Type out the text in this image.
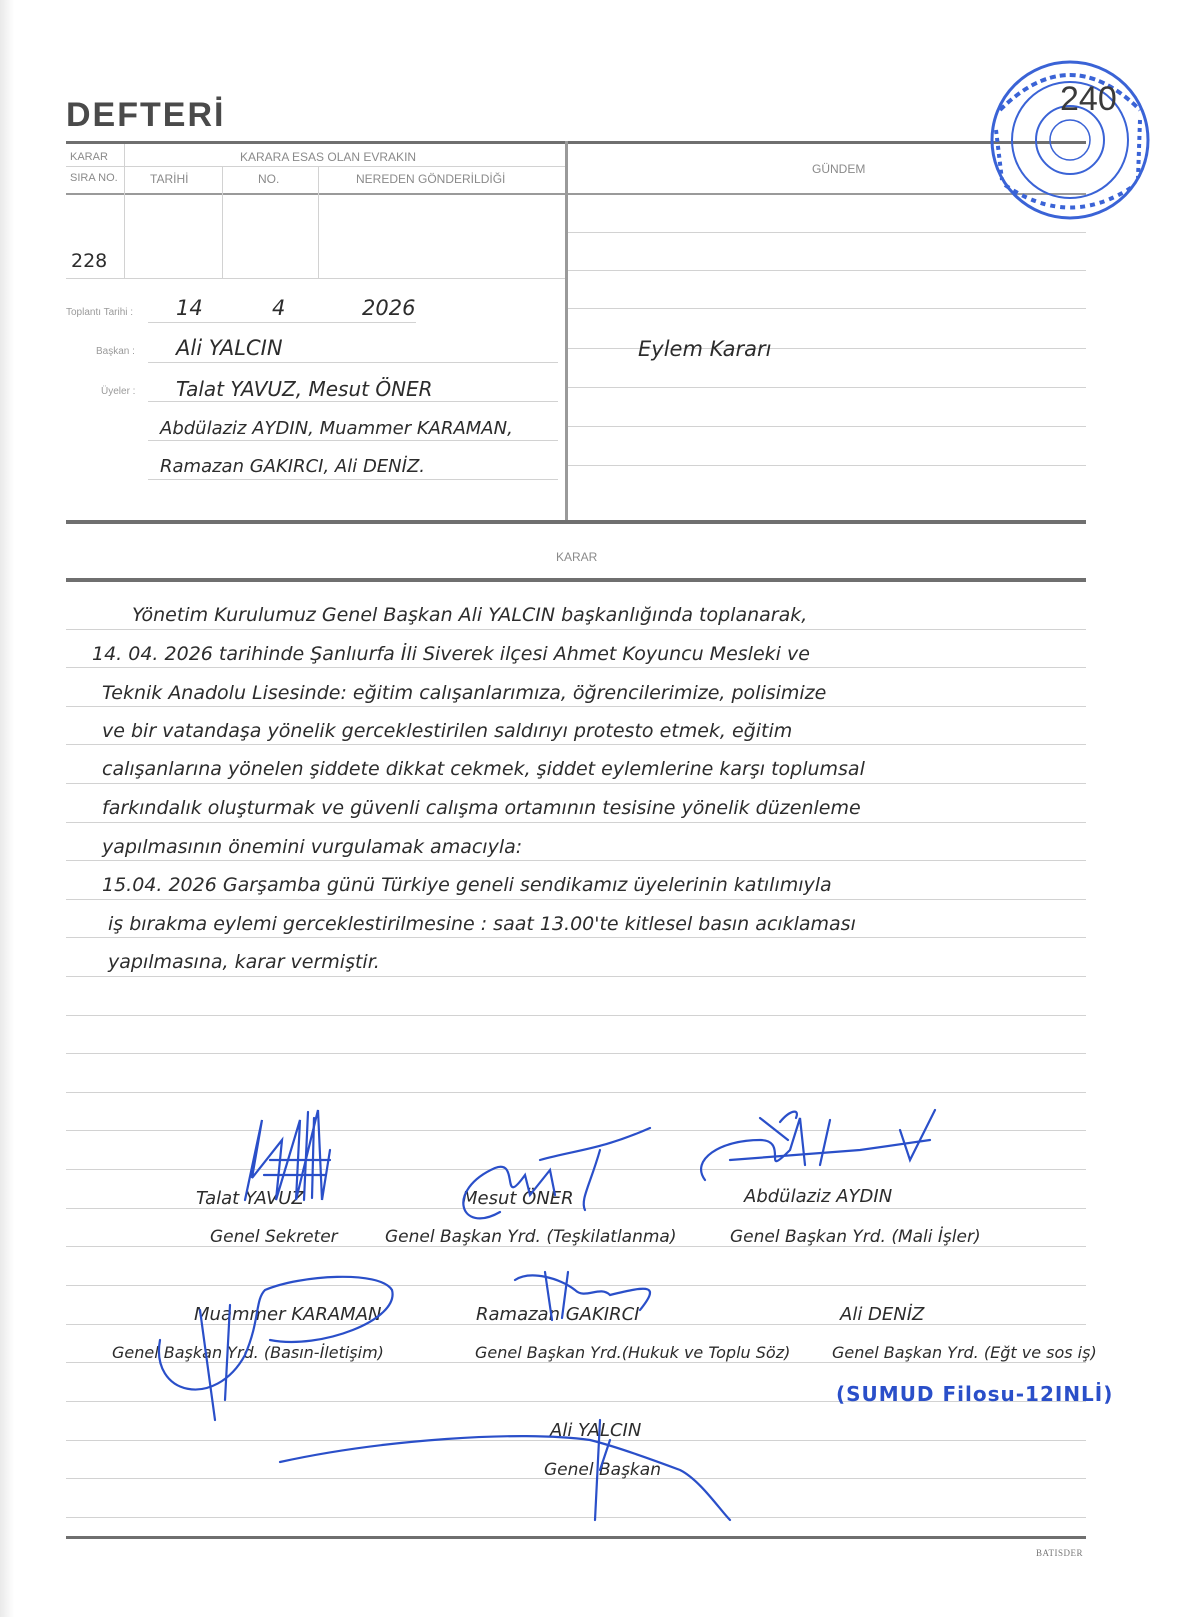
DEFTERİ
KARAR
SIRA NO.
KARARA ESAS OLAN EVRAKIN
TARİHİ	NO.	NEREDEN GÖNDERİLDİĞİ
GÜNDEM
228
Toplantı Tarihi : 14	4	2026
Başkan : Ali YALCIN
Üyeler : Talat YAVUZ, Mesut ÖNER
Abdülaziz AYDIN, Muammer KARAMAN,
Ramazan GAKIRCI, Ali DENİZ.
Eylem Kararı
KARAR
Yönetim Kurulumuz Genel Başkan Ali YALCIN başkanlığında toplanarak,
14. 04. 2026 tarihinde Şanlıurfa İli Siverek ilçesi Ahmet Koyuncu Mesleki ve
Teknik Anadolu Lisesinde: eğitim calışanlarımıza, öğrencilerimize, polisimize
ve bir vatandaşa yönelik gerceklestirilen saldırıyı protesto etmek, eğitim
calışanlarına yönelen şiddete dikkat cekmek, şiddet eylemlerine karşı toplumsal
farkındalık oluşturmak ve güvenli calışma ortamının tesisine yönelik düzenleme
yapılmasının önemini vurgulamak amacıyla:
15.04. 2026 Garşamba günü Türkiye geneli sendikamız üyelerinin katılımıyla
iş bırakma eylemi gerceklestirilmesine : saat 13.00'te kitlesel basın acıklaması
yapılmasına, karar vermiştir.
Talat YAVUZ
Genel Sekreter
Mesut ÖNER
Genel Başkan Yrd. (Teşkilatlanma)
Abdülaziz AYDIN
Genel Başkan Yrd. (Mali İşler)
Muammer KARAMAN
Genel Başkan Yrd. (Basın-İletişim)
Ramazan GAKIRCI
Genel Başkan Yrd.(Hukuk ve Toplu Söz)
Ali DENİZ
Genel Başkan Yrd. (Eğt ve sos iş)
(SUMUD Filosu-12INLİ)
Ali YALCIN
Genel Başkan
BATISDER
240
